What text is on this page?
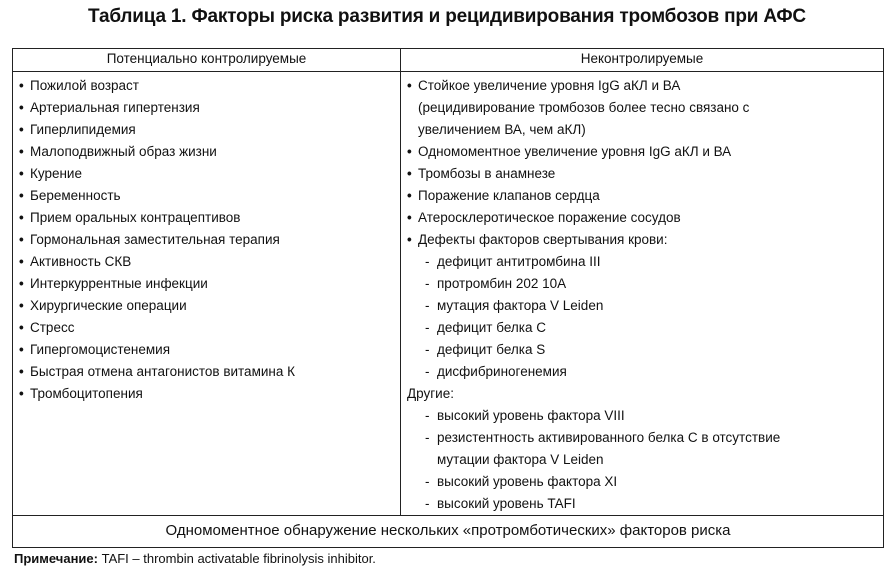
Таблица 1. Факторы риска развития и рецидивирования тромбозов при АФС
Потенциально контролируемые	Неконтролируемые
• Пожилой возраст
• Артериальная гипертензия
• Гиперлипидемия
• Малоподвижный образ жизни
• Курение
• Беременность
• Прием оральных контрацептивов
• Гормональная заместительная терапия
• Активность СКВ
• Интеркуррентные инфекции
• Хирургические операции
• Стресс
• Гипергомоцистенемия
• Быстрая отмена антагонистов витамина К
• Тромбоцитопения
• Стойкое увеличение уровня IgG аКЛ и ВА
(рецидивирование тромбозов более тесно связано с
увеличением ВА, чем аКЛ)
• Одномоментное увеличение уровня IgG аКЛ и ВА
• Тромбозы в анамнезе
• Поражение клапанов сердца
• Атеросклеротическое поражение сосудов
• Дефекты факторов свертывания крови:
- дефицит антитромбина III
- протромбин 202 10А
- мутация фактора V Leiden
- дефицит белка С
- дефицит белка S
- дисфибриногенемия
Другие:
- высокий уровень фактора VIII
- резистентность активированного белка С в отсутствие
мутации фактора V Leiden
- высокий уровень фактора XI
- высокий уровень TAFI
Одномоментное обнаружение нескольких «протромботических» факторов риска
Примечание: TAFI – thrombin activatable fibrinolysis inhibitor.
